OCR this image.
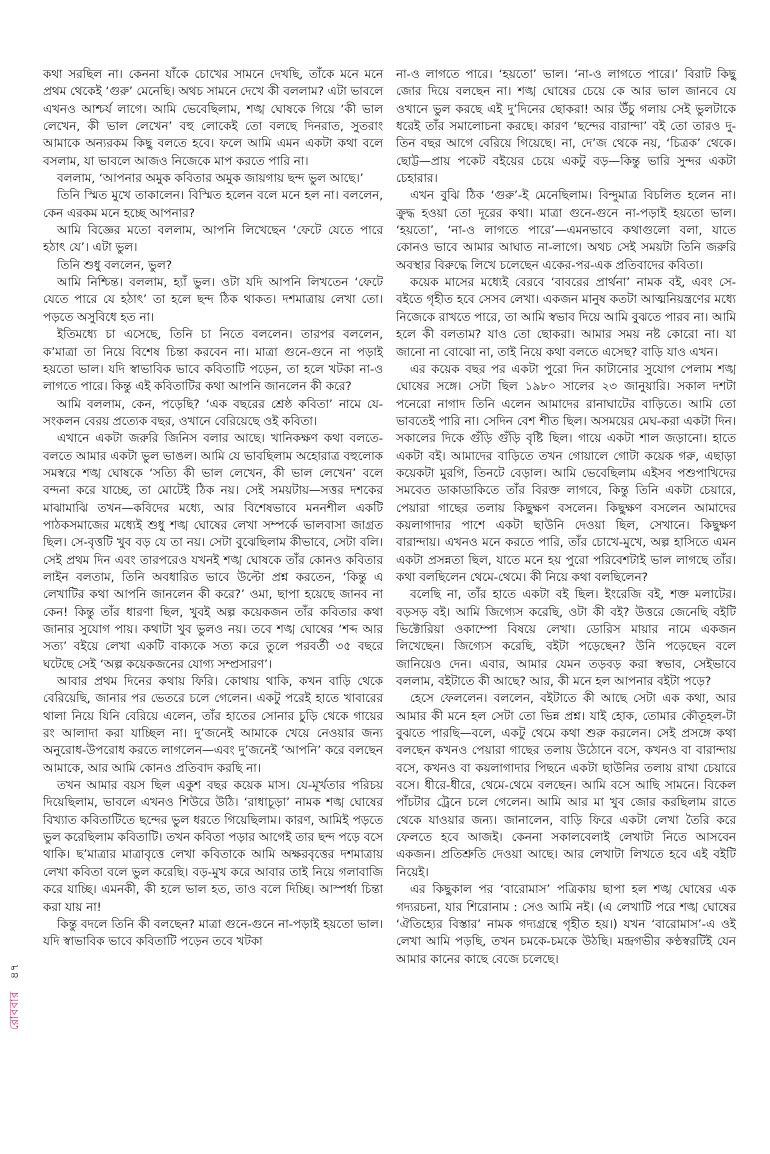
কথা সরছিল না। কেননা যাঁকে চোখের সামনে দেখছি, তাঁকে মনে মনে প্রথম থেকেই ‘গুরু’ মেনেছি। অথচ সামনে দেখে কী বললাম? এটা ভাবলে এখনও আশ্চর্য লাগে। আমি ভেবেছিলাম, শঙ্খ ঘোষকে গিয়ে ‘কী ভাল লেখেন, কী ভাল লেখেন’ বহু লোকেই তো বলছে দিনরাত, সুতরাং আমাকে অন্যরকম কিছু বলতে হবে। ফলে আমি এমন একটা কথা বলে বসলাম, যা ভাবলে আজও নিজেকে মাপ করতে পারি না।

বললাম, ‘আপনার অমুক কবিতার অমুক জায়গায় ছন্দ ভুল আছে।’

তিনি স্মিত মুখে তাকালেন। বিস্মিত হলেন বলে মনে হল না। বললেন, কেন এরকম মনে হচ্ছে আপনার?

আমি বিজ্ঞের মতো বললাম, আপনি লিখেছেন ‘ফেটে যেতে পারে হঠাৎ যে’। এটা ভুল।

তিনি শুধু বললেন, ভুল?

আমি নিশ্চিন্ত। বললাম, হ্যাঁ ভুল। ওটা যদি আপনি লিখতেন ‘ফেটে যেতে পারে যে হঠাৎ’ তা হলে ছন্দ ঠিক থাকত। দশমাত্রায় লেখা তো। পড়তে অসুবিধে হত না।

ইতিমধ্যে চা এসেছে, তিনি চা নিতে বললেন। তারপর বললেন, ক’মাত্রা তা নিয়ে বিশেষ চিন্তা করবেন না। মাত্রা গুনে-গুনে না পড়াই হয়তো ভাল। যদি স্বাভাবিক ভাবে কবিতাটি পড়েন, তা হলে খটকা না-ও লাগতে পারে। কিন্তু এই কবিতাটির কথা আপনি জানলেন কী করে?

আমি বললাম, কেন, পড়েছি? ‘এক বছরের শ্রেষ্ঠ কবিতা’ নামে যে-সংকলন বেরয় প্রত্যেক বছর, ওখানে বেরিয়েছে ওই কবিতা।

এখানে একটা জরুরি জিনিস বলার আছে। খানিকক্ষণ কথা বলতে-বলতে আমার একটা ভুল ভাঙল। আমি যে ভাবছিলাম অহোরাত্র বহুলোক সমস্বরে শঙ্খ ঘোষকে ‘সত্যি কী ভাল লেখেন, কী ভাল লেখেন’ বলে বন্দনা করে যাচ্ছে, তা মোটেই ঠিক নয়। সেই সময়টায়—সত্তর দশকের মাঝামাঝি তখন—কবিদের মধ্যে, আর বিশেষভাবে মননশীল একটি পাঠকসমাজের মধ্যেই শুধু শঙ্খ ঘোষের লেখা সম্পর্কে ভালবাসা জাগ্রত ছিল। সে-বৃত্তটি খুব বড় যে তা নয়। সেটা বুঝেছিলাম কীভাবে, সেটা বলি। সেই প্রথম দিন এবং তারপরেও যখনই শঙ্খ ঘোষকে তাঁর কোনও কবিতার লাইন বলতাম, তিনি অবধারিত ভাবে উল্টো প্রশ্ন করতেন, ‘কিন্তু এ লেখাটির কথা আপনি জানলেন কী করে?’ ওমা, ছাপা হয়েছে জানব না কেন! কিন্তু তাঁর ধারণা ছিল, খুবই অল্প কয়েকজন তাঁর কবিতার কথা জানার সুযোগ পায়। কথাটা খুব ভুলও নয়। তবে শঙ্খ ঘোষের ‘শব্দ আর সত্য’ বইয়ে লেখা একটি বাক্যকে সত্য করে তুলে পরবর্তী ৩৫ বছরে ঘটেছে সেই ‘অল্প কয়েকজনের যোগ্য সম্প্রসারণ’।

আবার প্রথম দিনের কথায় ফিরি। কোথায় থাকি, কখন বাড়ি থেকে বেরিয়েছি, জানার পর ভেতরে চলে গেলেন। একটু পরেই হাতে খাবারের থালা নিয়ে যিনি বেরিয়ে এলেন, তাঁর হাতের সোনার চুড়ি থেকে গায়ের রং আলাদা করা যাচ্ছিল না। দু’জনেই আমাকে খেয়ে নেওয়ার জন্য অনুরোধ-উপরোধ করতে লাগলেন—এবং দু’জনেই ‘আপনি’ করে বলছেন আমাকে, আর আমি কোনও প্রতিবাদ করছি না।

তখন আমার বয়স ছিল একুশ বছর কয়েক মাস। যে-মূর্খতার পরিচয় দিয়েছিলাম, ভাবলে এখনও শিউরে উঠি। ‘রাধাচূড়া’ নামক শঙ্খ ঘোষের বিখ্যাত কবিতাটিতে ছন্দের ভুল ধরতে গিয়েছিলাম। কারণ, আমিই পড়তে ভুল করেছিলাম কবিতাটি। তখন কবিতা পড়ার আগেই তার ছন্দ পড়ে বসে থাকি। ছ’মাত্রার মাত্রাবৃত্তে লেখা কবিতাকে আমি অক্ষরবৃত্তের দশমাত্রায় লেখা কবিতা বলে ভুল করেছি। বড়-মুখ করে আবার তাই নিয়ে গলাবাজি করে যাচ্ছি। এমনকী, কী হলে ভাল হত, তাও বলে দিচ্ছি। আস্পর্ধা চিন্তা করা যায় না!

কিন্তু বদলে তিনি কী বলছেন? মাত্রা গুনে-গুনে না-পড়াই হয়তো ভাল। যদি স্বাভাবিক ভাবে কবিতাটি পড়েন তবে খটকা

না-ও লাগতে পারে। ‘হয়তো’ ভাল। ‘না-ও লাগতে পারে।’ বিরাট কিছু জোর দিয়ে বলছেন না। শঙ্খ ঘোষের চেয়ে কে আর ভাল জানবে যে ওখানে ভুল করছে এই দু’দিনের ছোকরা! আর উঁচু গলায় সেই ভুলটাকে ধরেই তাঁর সমালোচনা করছে। কারণ ‘ছন্দের বারান্দা’ বই তো তারও দু-তিন বছর আগে বেরিয়ে গিয়েছে। না, দে’জ থেকে নয়, ‘চিত্রক’ থেকে। ছোট্ট—প্রায় পকেট বইয়ের চেয়ে একটু বড়—কিন্তু ভারি সুন্দর একটা চেহারার।

এখন বুঝি ঠিক ‘গুরু’-ই মেনেছিলাম। বিন্দুমাত্র বিচলিত হলেন না। ক্রুদ্ধ হওয়া তো দূরের কথা। মাত্রা গুনে-গুনে না-পড়াই হয়তো ভাল। ‘হয়তো’, ‘না-ও লাগতে পারে’—এমনভাবে কথাগুলো বলা, যাতে কোনও ভাবে আমার আঘাত না-লাগে। অথচ সেই সময়টা তিনি জরুরি অবস্থার বিরুদ্ধে লিখে চলেছেন একের-পর-এক প্রতিবাদের কবিতা।

কয়েক মাসের মধ্যেই বেরবে ‘বাবরের প্রার্থনা’ নামক বই, এবং সে-বইতে গৃহীত হবে সেসব লেখা। একজন মানুষ কতটা আত্মনিয়ন্ত্রণের মধ্যে নিজেকে রাখতে পারে, তা আমি স্বভাব দিয়ে আমি বুঝতে পারব না। আমি হলে কী বলতাম? যাও তো ছোকরা। আমার সময় নষ্ট কোরো না। যা জানো না বোঝো না, তাই নিয়ে কথা বলতে এসেছ? বাড়ি যাও এখন।

এর কয়েক বছর পর একটা পুরো দিন কাটানোর সুযোগ পেলাম শঙ্খ ঘোষের সঙ্গে। সেটা ছিল ১৯৮০ সালের ২৩ জানুয়ারি। সকাল দশটা পনেরো নাগাদ তিনি এলেন আমাদের রানাঘাটের বাড়িতে। আমি তো ভাবতেই পারি না। সেদিন বেশ শীত ছিল। অসময়ের মেঘ-করা একটা দিন। সকালের দিকে গুঁড়ি গুঁড়ি বৃষ্টি ছিল। গায়ে একটা শাল জড়ানো। হাতে একটা বই। আমাদের বাড়িতে তখন গোয়ালে গোটা কয়েক গরু, এছাড়া কয়েকটা মুরগি, তিনটে বেড়াল। আমি ভেবেছিলাম এইসব পশুপাখিদের সমবেত ডাকাডাকিতে তাঁর বিরক্ত লাগবে, কিন্তু তিনি একটা চেয়ারে, পেয়ারা গাছের তলায় কিছুক্ষণ বসলেন। কিছুক্ষণ বসলেন আমাদের কয়লাগাদার পাশে একটা ছাউনি দেওয়া ছিল, সেখানে। কিছুক্ষণ বারান্দায়। এখনও মনে করতে পারি, তাঁর চোখে-মুখে, অল্প হাসিতে এমন একটা প্রসন্নতা ছিল, যাতে মনে হয় পুরো পরিবেশটাই ভাল লাগছে তাঁর। কথা বলছিলেন থেমে-থেমে। কী নিয়ে কথা বলছিলেন?

বলেছি না, তাঁর হাতে একটা বই ছিল। ইংরেজি বই, শক্ত মলাটের। বড়সড় বই। আমি জিগ্যেস করেছি, ওটা কী বই? উত্তরে জেনেছি বইটি ভিক্টোরিয়া ওকাম্পো বিষয়ে লেখা। ডোরিস মায়ার নামে একজন লিখেছেন। জিগ্যেস করেছি, বইটা পড়েছেন? উনি পড়েছেন বলে জানিয়েও দেন। এবার, আমার যেমন তড়বড় করা স্বভাব, সেইভাবে বললাম, বইটাতে কী আছে? আর, কী মনে হল আপনার বইটা পড়ে?

হেসে ফেললেন। বললেন, বইটাতে কী আছে সেটা এক কথা, আর আমার কী মনে হল সেটা তো ভিন্ন প্রশ্ন। যাই হোক, তোমার কৌতূহল-টা বুঝতে পারছি—বলে, একটু থেমে কথা শুরু করলেন। সেই প্রসঙ্গে কথা বলছেন কখনও পেয়ারা গাছের তলায় উঠোনে বসে, কখনও বা বারান্দায় বসে, কখনও বা কয়লাগাদার পিছনে একটা ছাউনির তলায় রাখা চেয়ারে বসে। ধীরে-ধীরে, থেমে-থেমে বলছেন। আমি বসে আছি সামনে। বিকেল পাঁচটার ট্রেনে চলে গেলেন। আমি আর মা খুব জোর করছিলাম রাতে থেকে যাওয়ার জন্য। জানালেন, বাড়ি ফিরে একটা লেখা তৈরি করে ফেলতে হবে আজই। কেননা সকালবেলাই লেখাটা নিতে আসবেন একজন। প্রতিশ্রুতি দেওয়া আছে। আর লেখাটা লিখতে হবে এই বইটি নিয়েই।

এর কিছুকাল পর ‘বারোমাস’ পত্রিকায় ছাপা হল শঙ্খ ঘোষের এক গদ্যরচনা, যার শিরোনাম : সেও আমি নই। (এ লেখাটি পরে শঙ্খ ঘোষের ‘ঐতিহ্যের বিস্তার’ নামক গদ্যগ্রন্থে গৃহীত হয়।) যখন ‘বারোমাস’-এ ওই লেখা আমি পড়ছি, তখন চমকে-চমকে উঠছি। মন্দ্রগভীর কণ্ঠস্বরটিই যেন আমার কানের কাছে বেজে চলেছে।

রোববার ৪৭
